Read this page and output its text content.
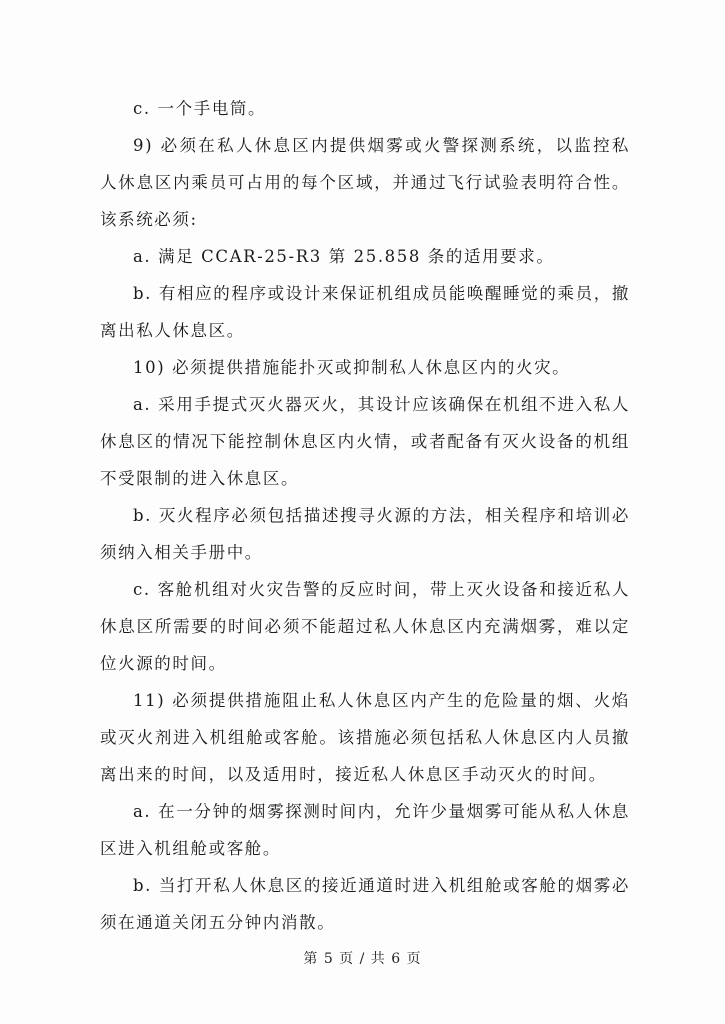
c. 一个手电筒。

9) 必须在私人休息区内提供烟雾或火警探测系统，以监控私人休息区内乘员可占用的每个区域，并通过飞行试验表明符合性。该系统必须:

a. 满足 CCAR-25-R3 第 25.858 条的适用要求。

b. 有相应的程序或设计来保证机组成员能唤醒睡觉的乘员，撤离出私人休息区。

10) 必须提供措施能扑灭或抑制私人休息区内的火灾。

a. 采用手提式灭火器灭火，其设计应该确保在机组不进入私人休息区的情况下能控制休息区内火情，或者配备有灭火设备的机组不受限制的进入休息区。

b. 灭火程序必须包括描述搜寻火源的方法，相关程序和培训必须纳入相关手册中。

c. 客舱机组对火灾告警的反应时间，带上灭火设备和接近私人休息区所需要的时间必须不能超过私人休息区内充满烟雾，难以定位火源的时间。

11) 必须提供措施阻止私人休息区内产生的危险量的烟、火焰或灭火剂进入机组舱或客舱。该措施必须包括私人休息区内人员撤离出来的时间，以及适用时，接近私人休息区手动灭火的时间。

a. 在一分钟的烟雾探测时间内，允许少量烟雾可能从私人休息区进入机组舱或客舱。

b. 当打开私人休息区的接近通道时进入机组舱或客舱的烟雾必须在通道关闭五分钟内消散。

第 5 页 / 共 6 页
